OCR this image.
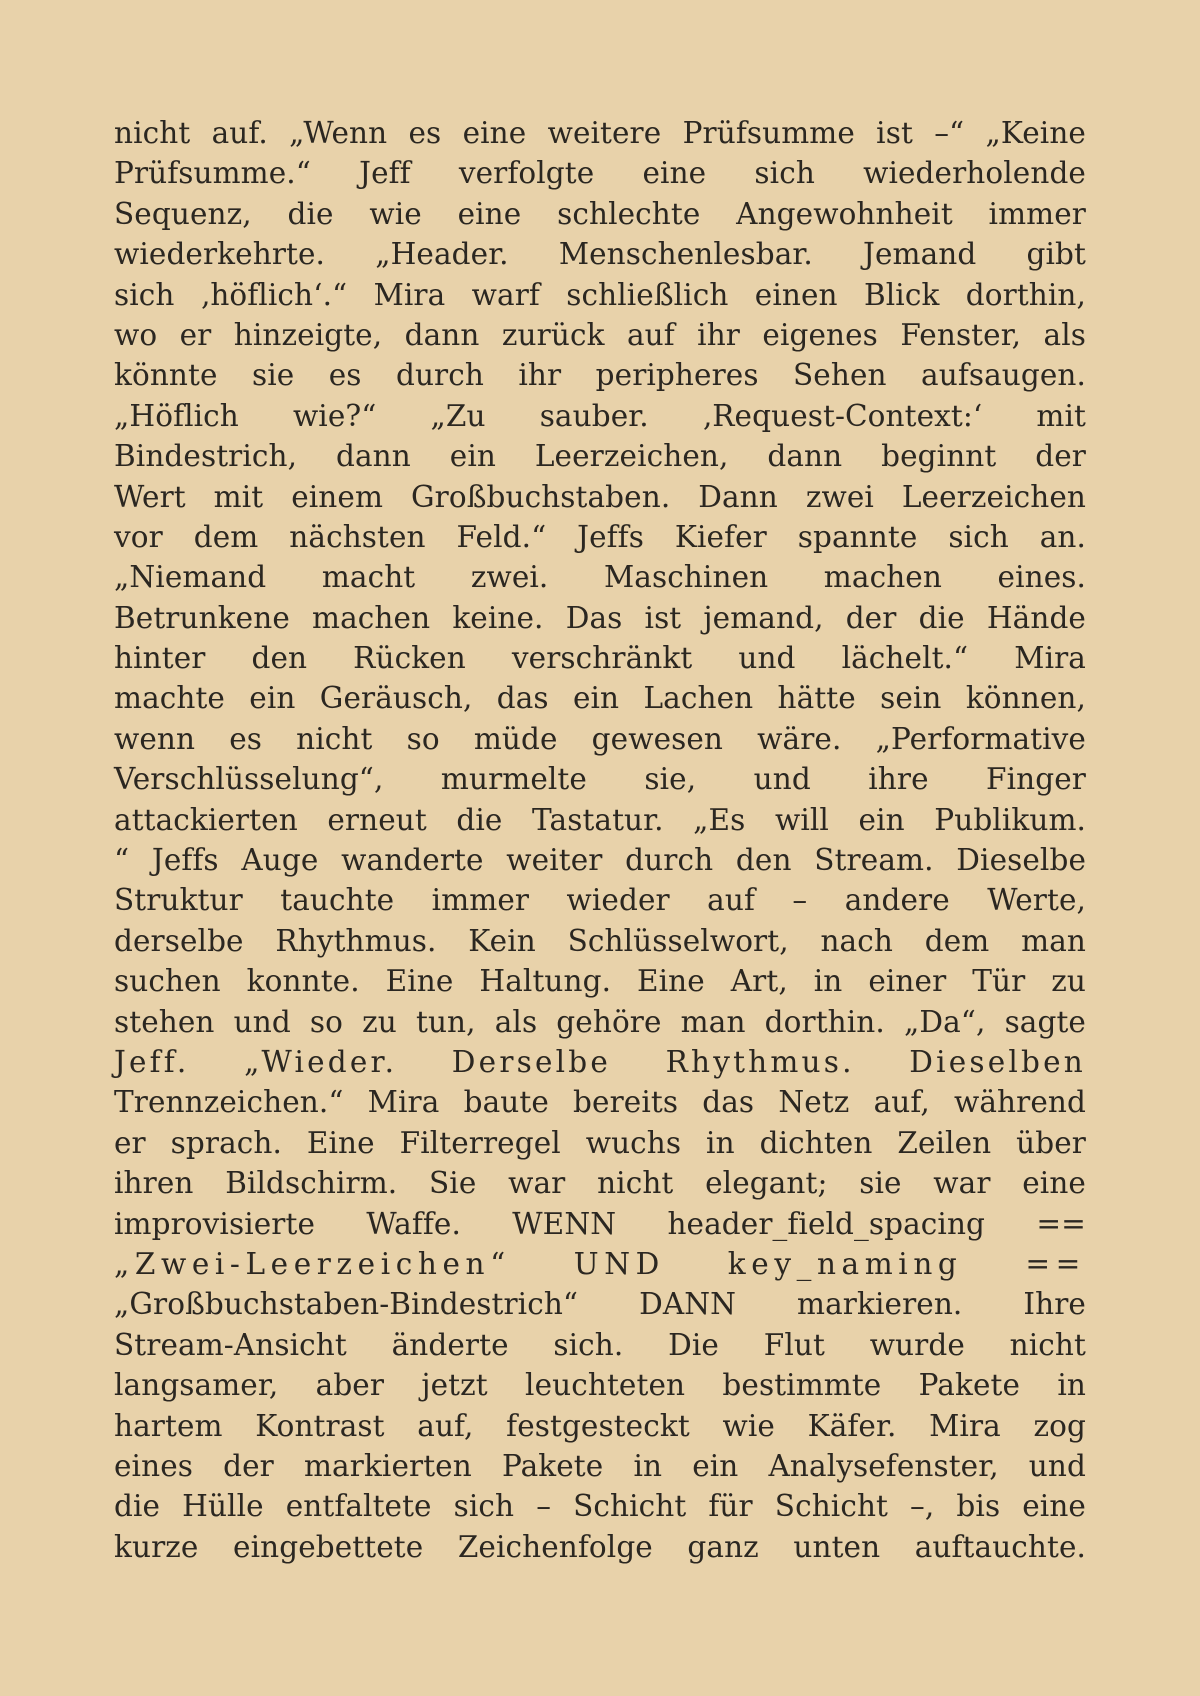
nicht auf. „Wenn es eine weitere Prüfsumme ist –“ „Keine
Prüfsumme.“ Jeff verfolgte eine sich wiederholende
Sequenz, die wie eine schlechte Angewohnheit immer
wiederkehrte. „Header. Menschenlesbar. Jemand gibt
sich ‚höflich‘.“ Mira warf schließlich einen Blick dorthin,
wo er hinzeigte, dann zurück auf ihr eigenes Fenster, als
könnte sie es durch ihr peripheres Sehen aufsaugen.
„Höflich wie?“ „Zu sauber. ‚Request-Context:‘ mit
Bindestrich, dann ein Leerzeichen, dann beginnt der
Wert mit einem Großbuchstaben. Dann zwei Leerzeichen
vor dem nächsten Feld.“ Jeffs Kiefer spannte sich an.
„Niemand macht zwei. Maschinen machen eines.
Betrunkene machen keine. Das ist jemand, der die Hände
hinter den Rücken verschränkt und lächelt.“ Mira
machte ein Geräusch, das ein Lachen hätte sein können,
wenn es nicht so müde gewesen wäre. „Performative
Verschlüsselung“, murmelte sie, und ihre Finger
attackierten erneut die Tastatur. „Es will ein Publikum.
“ Jeffs Auge wanderte weiter durch den Stream. Dieselbe
Struktur tauchte immer wieder auf – andere Werte,
derselbe Rhythmus. Kein Schlüsselwort, nach dem man
suchen konnte. Eine Haltung. Eine Art, in einer Tür zu
stehen und so zu tun, als gehöre man dorthin. „Da“, sagte
Jeff. „Wieder. Derselbe Rhythmus. Dieselben
Trennzeichen.“ Mira baute bereits das Netz auf, während
er sprach. Eine Filterregel wuchs in dichten Zeilen über
ihren Bildschirm. Sie war nicht elegant; sie war eine
improvisierte Waffe. WENN header_field_spacing ==
„Zwei-Leerzeichen“ UND key_naming ==
„Großbuchstaben-Bindestrich“ DANN markieren. Ihre
Stream-Ansicht änderte sich. Die Flut wurde nicht
langsamer, aber jetzt leuchteten bestimmte Pakete in
hartem Kontrast auf, festgesteckt wie Käfer. Mira zog
eines der markierten Pakete in ein Analysefenster, und
die Hülle entfaltete sich – Schicht für Schicht –, bis eine
kurze eingebettete Zeichenfolge ganz unten auftauchte.
